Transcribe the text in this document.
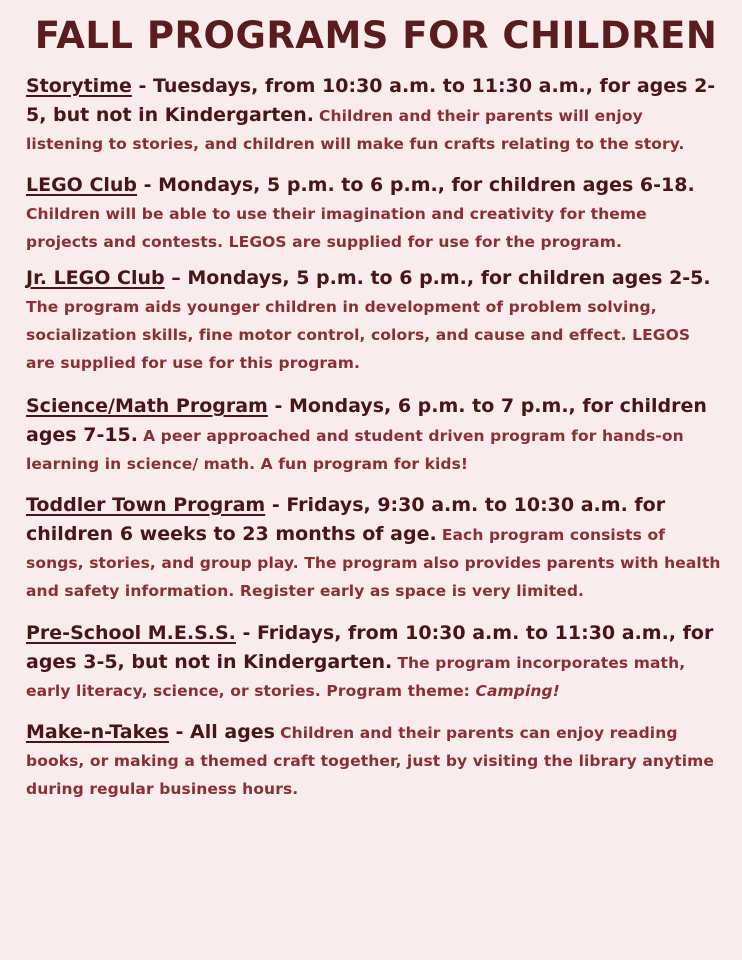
FALL PROGRAMS FOR CHILDREN
Storytime - Tuesdays, from 10:30 a.m. to 11:30 a.m., for ages 2-5, but not in Kindergarten. Children and their parents will enjoy listening to stories, and children will make fun crafts relating to the story.
LEGO Club - Mondays, 5 p.m. to 6 p.m., for children ages 6-18. Children will be able to use their imagination and creativity for theme projects and contests. LEGOS are supplied for use for the program.
Jr. LEGO Club – Mondays, 5 p.m. to 6 p.m., for children ages 2-5. The program aids younger children in development of problem solving, socialization skills, fine motor control, colors, and cause and effect. LEGOS are supplied for use for this program.
Science/Math Program - Mondays, 6 p.m. to 7 p.m., for children ages 7-15. A peer approached and student driven program for hands-on learning in science/ math. A fun program for kids!
Toddler Town Program - Fridays, 9:30 a.m. to 10:30 a.m. for children 6 weeks to 23 months of age. Each program consists of songs, stories, and group play. The program also provides parents with health and safety information. Register early as space is very limited.
Pre-School M.E.S.S. - Fridays, from 10:30 a.m. to 11:30 a.m., for ages 3-5, but not in Kindergarten. The program incorporates math, early literacy, science, or stories. Program theme: Camping!
Make-n-Takes - All ages Children and their parents can enjoy reading books, or making a themed craft together, just by visiting the library anytime during regular business hours.
